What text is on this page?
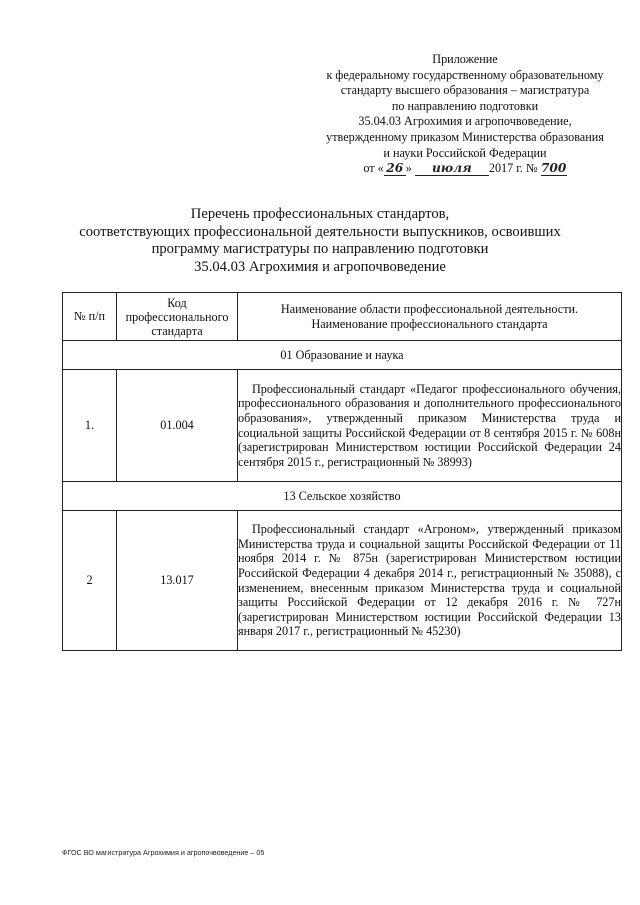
Приложение
к федеральному государственному образовательному
стандарту высшего образования – магистратура
по направлению подготовки
35.04.03 Агрохимия и агропочвоведение,
утвержденному приказом Министерства образования
и науки Российской Федерации
от « 26 » июля 2017 г. № 700
Перечень профессиональных стандартов,
соответствующих профессиональной деятельности выпускников, освоивших
программу магистратуры по направлению подготовки
35.04.03 Агрохимия и агропочвоведение
№ п/п	Код профессионального стандарта	Наименование области профессиональной деятельности.
Наименование профессионального стандарта
01 Образование и наука		
1.	01.004	Профессиональный стандарт «Педагог профессионального обучения, профессионального образования и дополнительного профессионального образования», утвержденный приказом Министерства труда и социальной защиты Российской Федерации от 8 сентября 2015 г. № 608н (зарегистрирован Министерством юстиции Российской Федерации 24 сентября 2015 г., регистрационный № 38993)

13 Сельское хозяйство		
2	13.017	Профессиональный стандарт «Агроном», утвержденный приказом Министерства труда и социальной защиты Российской Федерации от 11 ноября 2014 г. № 875н (зарегистрирован Министерством юстиции Российской Федерации 4 декабря 2014 г., регистрационный № 35088), с изменением, внесенным приказом Министерства труда и социальной защиты Российской Федерации от 12 декабря 2016 г. № 727н (зарегистрирован Министерством юстиции Российской Федерации 13 января 2017 г., регистрационный № 45230)
ФГОС ВО магистратура Агрохимия и агропочвоведение – 05
